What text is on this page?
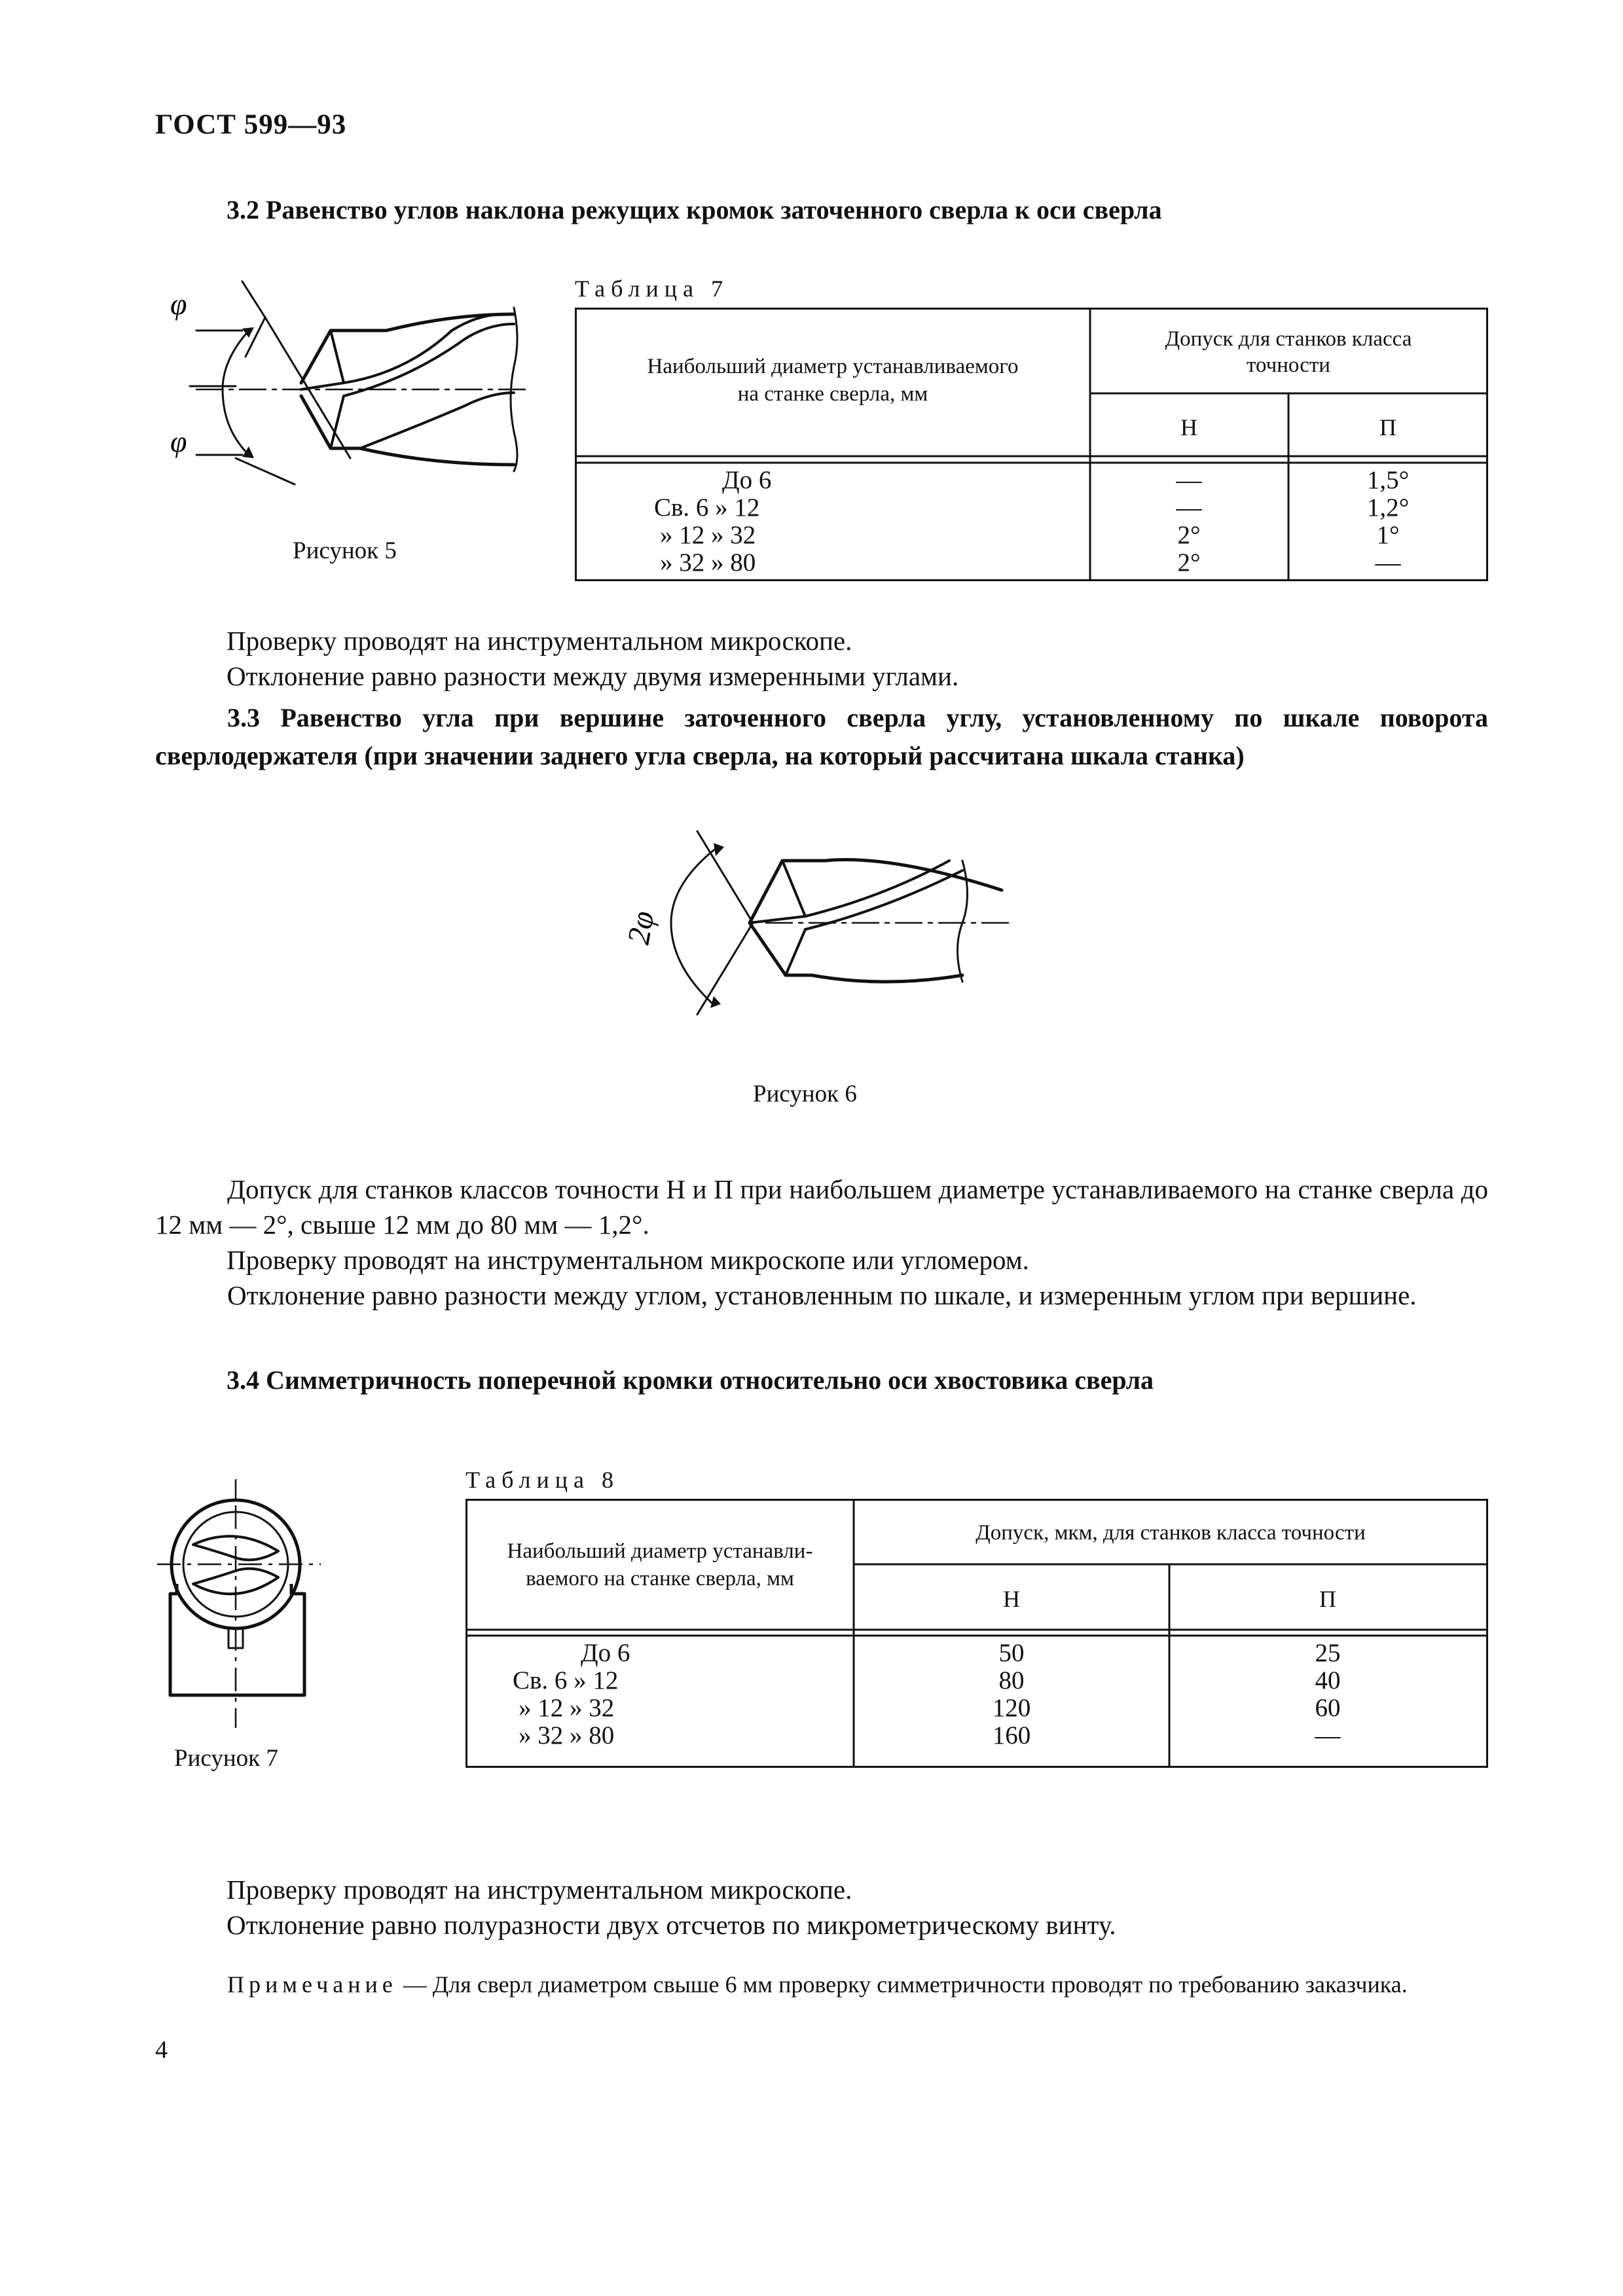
ГОСТ 599—93
3.2 Равенство углов наклона режущих кромок заточенного сверла к оси сверла
φ
φ
Рисунок 5
Таблица 7
Наибольший диаметр устанавливаемого
на станке сверла, мм
Допуск для станков класса
точности
Н	П
До 6
Св. 6 » 12
» 12 » 32
» 32 » 80
—
—
2°
2°
1,5°
1,2°
1°
—
Проверку проводят на инструментальном микроскопе.
Отклонение равно разности между двумя измеренными углами.
3.3 Равенство угла при вершине заточенного сверла углу, установленному по шкале поворота сверлодержателя (при значении заднего угла сверла, на который рассчитана шкала станка)
2φ
Рисунок 6
Допуск для станков классов точности Н и П при наибольшем диаметре устанавливаемого на станке сверла до 12 мм — 2°, свыше 12 мм до 80 мм — 1,2°.
Проверку проводят на инструментальном микроскопе или угломером.
Отклонение равно разности между углом, установленным по шкале, и измеренным углом при вершине.
3.4 Симметричность поперечной кромки относительно оси хвостовика сверла
Рисунок 7
Таблица 8
Наибольший диаметр устанавли-
ваемого на станке сверла, мм
Допуск, мкм, для станков класса точности
Н	П
До 6
Св. 6 » 12
» 12 » 32
» 32 » 80
50
80
120
160
25
40
60
—
Проверку проводят на инструментальном микроскопе.
Отклонение равно полуразности двух отсчетов по микрометрическому винту.
Примечание — Для сверл диаметром свыше 6 мм проверку симметричности проводят по требованию заказчика.
4
